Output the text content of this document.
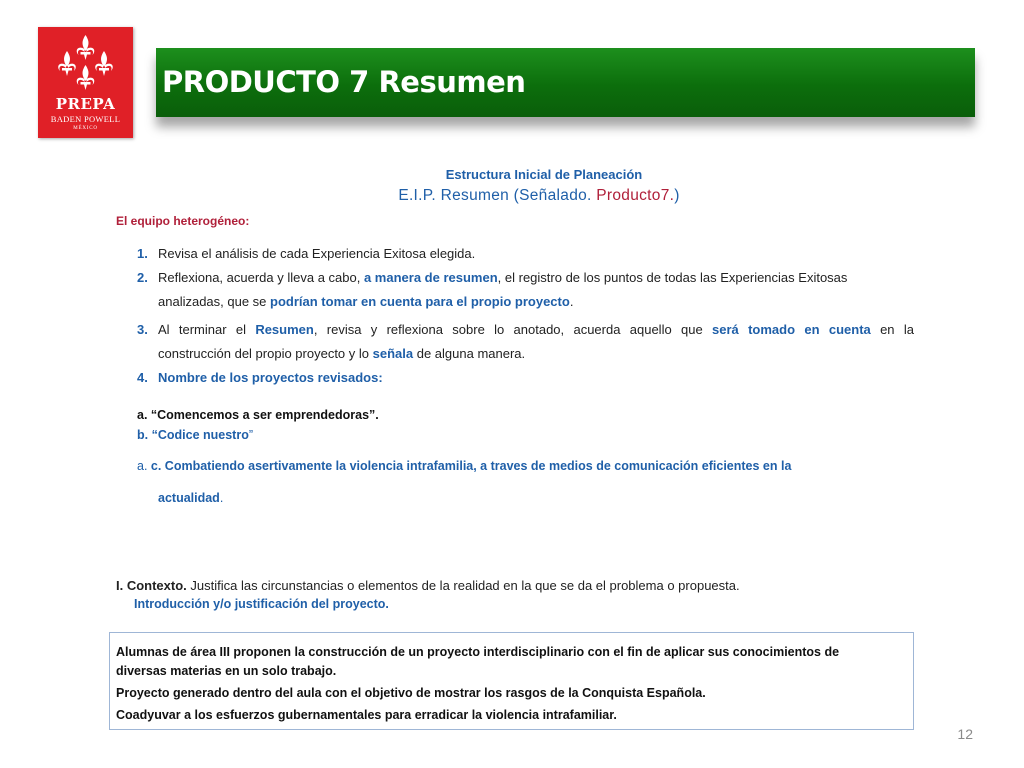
PREPA
BADEN POWELL
MÉXICO
PRODUCTO 7 Resumen
Estructura Inicial de Planeación
E.I.P. Resumen (Señalado. Producto7.)
El equipo heterogéneo:
1. Revisa el análisis de cada Experiencia Exitosa elegida.
2. Reflexiona, acuerda y lleva a cabo, a manera de resumen, el registro de los puntos de todas las Experiencias Exitosas
analizadas, que se podrían tomar en cuenta para el propio proyecto.
3. Al terminar el Resumen, revisa y reflexiona sobre lo anotado, acuerda aquello que será tomado en cuenta en la
construcción del propio proyecto y lo señala de alguna manera.
4. Nombre de los proyectos revisados:
a. “Comencemos a ser emprendedoras”.
b. “Codice nuestro”
a. c. Combatiendo asertivamente la violencia intrafamilia, a traves de medios de comunicación eficientes en la
actualidad.
I. Contexto. Justifica las circunstancias o elementos de la realidad en la que se da el problema o propuesta.
Introducción y/o justificación del proyecto.
Alumnas de área III proponen la construcción de un proyecto interdisciplinario con el fin de aplicar sus conocimientos de
diversas materias en un solo trabajo.
Proyecto generado dentro del aula con el objetivo de mostrar los rasgos de la Conquista Española.
Coadyuvar a los esfuerzos gubernamentales para erradicar la violencia intrafamiliar.
12
